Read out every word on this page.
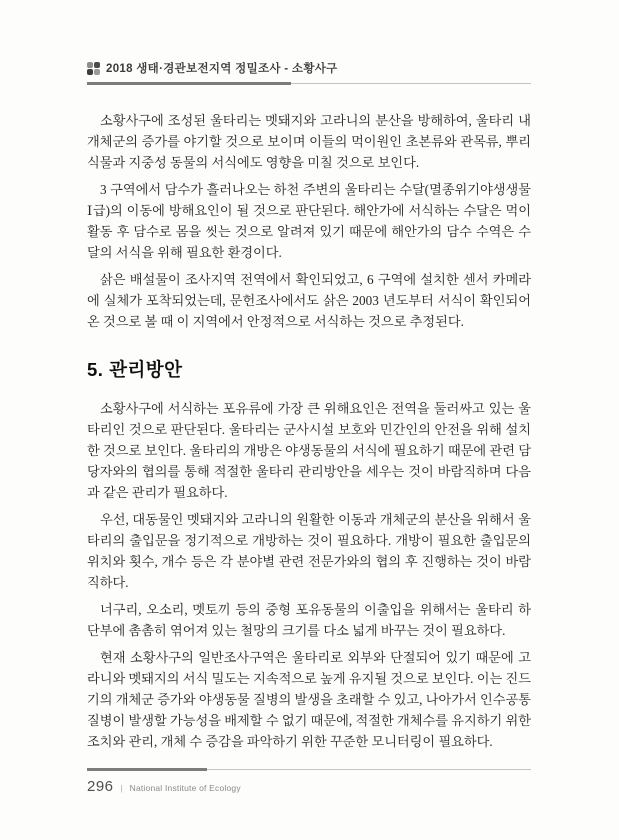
2018 생태·경관보전지역 정밀조사 - 소황사구

소황사구에 조성된 울타리는 멧돼지와 고라니의 분산을 방해하여, 울타리 내 개체군의 증가를 야기할 것으로 보이며 이들의 먹이원인 초본류와 관목류, 뿌리식물과 지중성 동물의 서식에도 영향을 미칠 것으로 보인다.

3 구역에서 담수가 흘러나오는 하천 주변의 울타리는 수달(멸종위기야생생물 Ⅰ급)의 이동에 방해요인이 될 것으로 판단된다. 해안가에 서식하는 수달은 먹이활동 후 담수로 몸을 씻는 것으로 알려져 있기 때문에 해안가의 담수 수역은 수달의 서식을 위해 필요한 환경이다.

삵은 배설물이 조사지역 전역에서 확인되었고, 6 구역에 설치한 센서 카메라에 실체가 포착되었는데, 문헌조사에서도 삵은 2003 년도부터 서식이 확인되어 온 것으로 볼 때 이 지역에서 안정적으로 서식하는 것으로 추정된다.

5. 관리방안

소황사구에 서식하는 포유류에 가장 큰 위해요인은 전역을 둘러싸고 있는 울타리인 것으로 판단된다. 울타리는 군사시설 보호와 민간인의 안전을 위해 설치한 것으로 보인다. 울타리의 개방은 야생동물의 서식에 필요하기 때문에 관련 담당자와의 협의를 통해 적절한 울타리 관리방안을 세우는 것이 바람직하며 다음과 같은 관리가 필요하다.

우선, 대동물인 멧돼지와 고라니의 원활한 이동과 개체군의 분산을 위해서 울타리의 출입문을 정기적으로 개방하는 것이 필요하다. 개방이 필요한 출입문의 위치와 횟수, 개수 등은 각 분야별 관련 전문가와의 협의 후 진행하는 것이 바람직하다.

너구리, 오소리, 멧토끼 등의 중형 포유동물의 이출입을 위해서는 울타리 하단부에 촘촘히 엮어져 있는 철망의 크기를 다소 넓게 바꾸는 것이 필요하다.

현재 소황사구의 일반조사구역은 울타리로 외부와 단절되어 있기 때문에 고라니와 멧돼지의 서식 밀도는 지속적으로 높게 유지될 것으로 보인다. 이는 진드기의 개체군 증가와 야생동물 질병의 발생을 초래할 수 있고, 나아가서 인수공통질병이 발생할 가능성을 배제할 수 없기 때문에, 적절한 개체수를 유지하기 위한 조치와 관리, 개체 수 증감을 파악하기 위한 꾸준한 모니터링이 필요하다.

296 | National Institute of Ecology
